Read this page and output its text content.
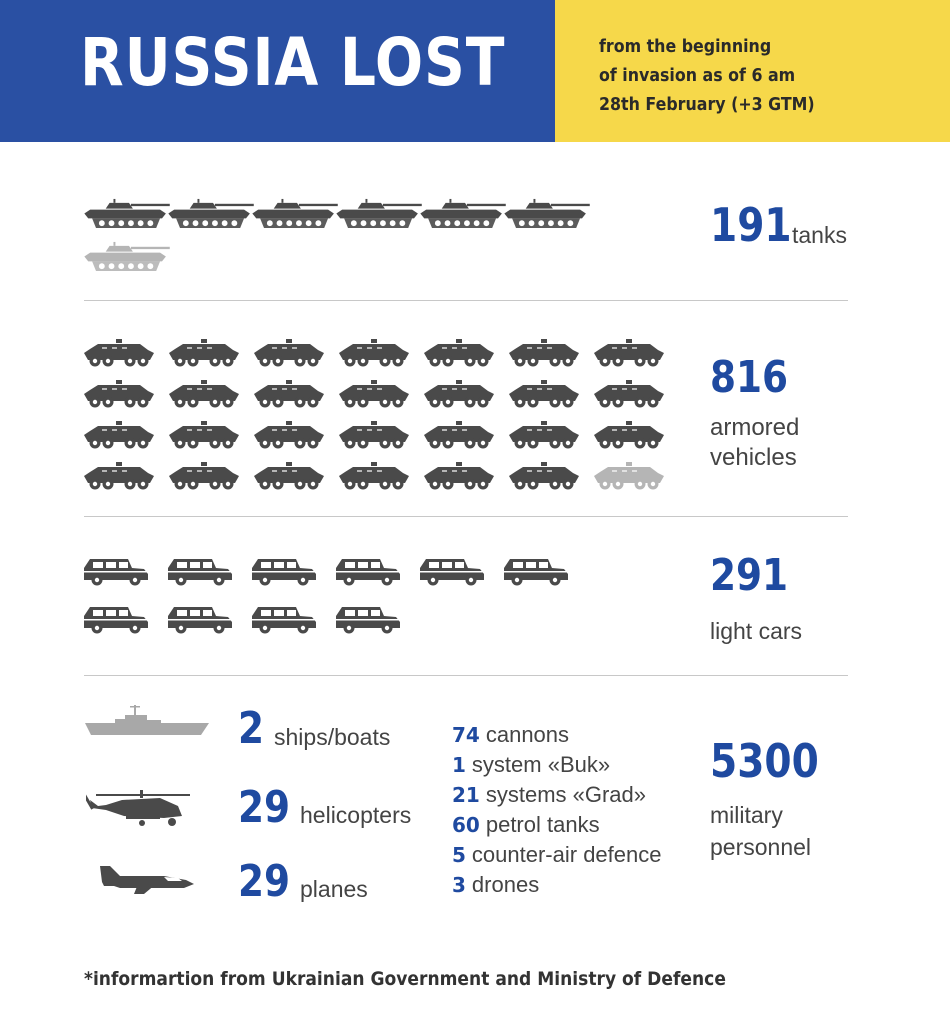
RUSSIA LOST	from the beginning
of invasion as of 6 am
28th February (+3 GTM)
191 tanks
816
armored
vehicles
291
light cars
2 ships/boats
29 helicopters
29 planes
74 cannons
1 system «Buk»
21 systems «Grad»
60 petrol tanks
5 counter-air defence
3 drones
5300
military
personnel
*informartion from Ukrainian Government and Ministry of Defence
